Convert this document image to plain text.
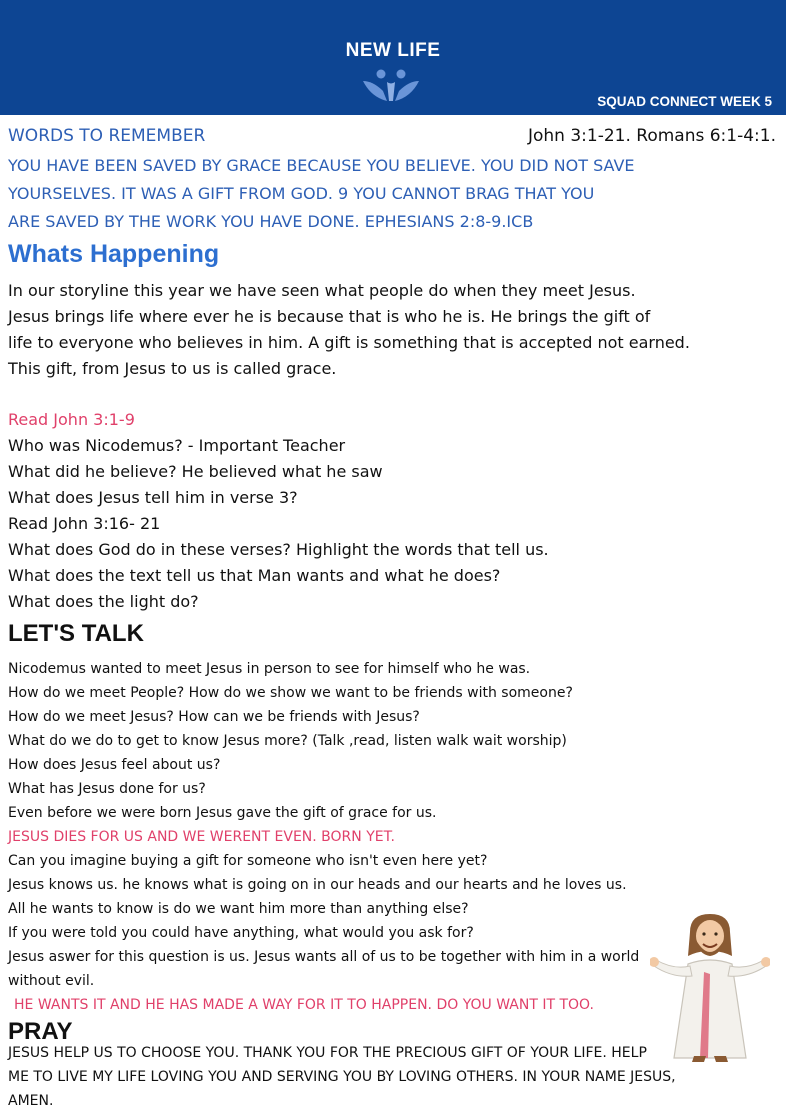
NEW LIFE
SQUAD CONNECT WEEK 5
WORDS TO REMEMBER	John 3:1-21. Romans 6:1-4:1.
YOU HAVE BEEN SAVED BY GRACE BECAUSE YOU BELIEVE. YOU DID NOT SAVE
YOURSELVES. IT WAS A GIFT FROM GOD. 9 YOU CANNOT BRAG THAT YOU
ARE SAVED BY THE WORK YOU HAVE DONE. EPHESIANS 2:8-9.ICB
Whats Happening
In our storyline this year we have seen what people do when they meet Jesus.
Jesus brings life where ever he is because that is who he is. He brings the gift of
life to everyone who believes in him. A gift is something that is accepted not earned.
This gift, from Jesus to us is called grace.
Read John 3:1-9
Who was Nicodemus? - Important Teacher
What did he believe? He believed what he saw
What does Jesus tell him in verse 3?
Read John 3:16- 21
What does God do in these verses? Highlight the words that tell us.
What does the text tell us that Man wants and what he does?
What does the light do?
LET'S TALK
Nicodemus wanted to meet Jesus in person to see for himself who he was.
How do we meet People? How do we show we want to be friends with someone?
How do we meet Jesus? How can we be friends with Jesus?
What do we do to get to know Jesus more? (Talk ,read, listen walk wait worship)
How does Jesus feel about us?
What has Jesus done for us?
Even before we were born Jesus gave the gift of grace for us.
JESUS DIES FOR US AND WE WERENT EVEN. BORN YET.
Can you imagine buying a gift for someone who isn't even here yet?
Jesus knows us. he knows what is going on in our heads and our hearts and he loves us.
All he wants to know is do we want him more than anything else?
If you were told you could have anything, what would you ask for?
Jesus aswer for this question is us. Jesus wants all of us to be together with him in a world
without evil.
HE WANTS IT AND HE HAS MADE A WAY FOR IT TO HAPPEN. DO YOU WANT IT TOO.
PRAY
JESUS HELP US TO CHOOSE YOU. THANK YOU FOR THE PRECIOUS GIFT OF YOUR LIFE. HELP
ME TO LIVE MY LIFE LOVING YOU AND SERVING YOU BY LOVING OTHERS. IN YOUR NAME JESUS,
AMEN.
